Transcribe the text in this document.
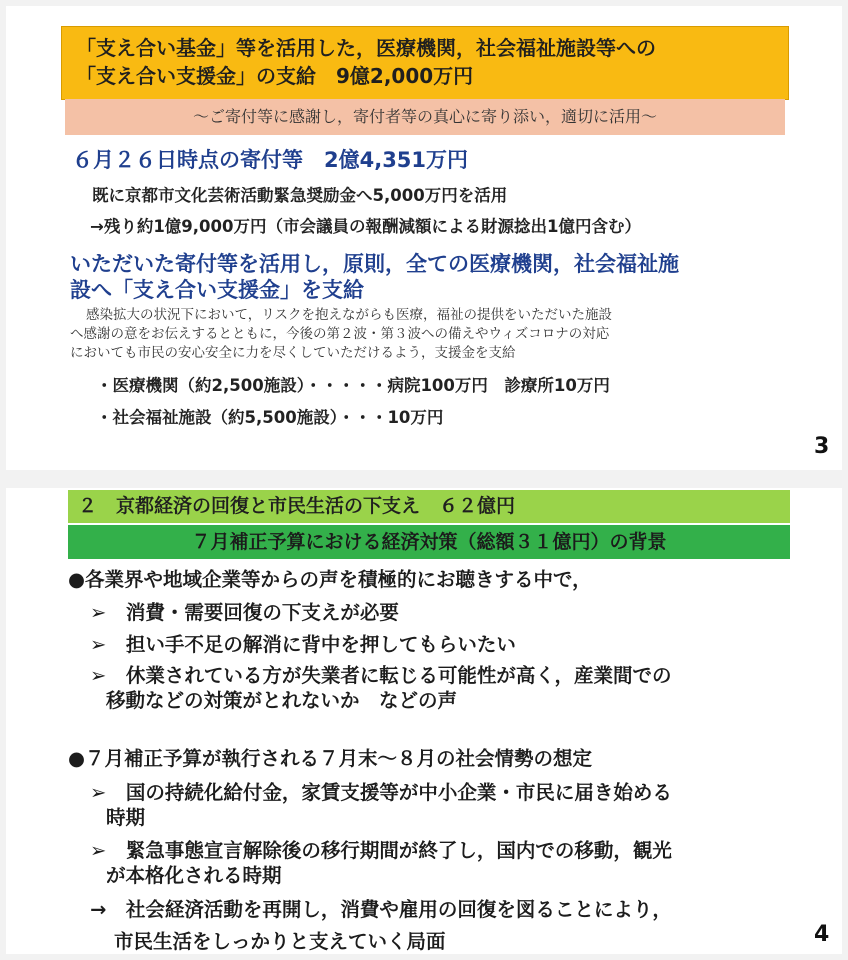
「支え合い基金」等を活用した，医療機関，社会福祉施設等への
「支え合い支援金」の支給　9億2,000万円
～ご寄付等に感謝し，寄付者等の真心に寄り添い，適切に活用～
６月２６日時点の寄付等　2億4,351万円
既に京都市文化芸術活動緊急奨励金へ5,000万円を活用
→残り約1億9,000万円（市会議員の報酬減額による財源捻出1億円含む）
いただいた寄付等を活用し，原則，全ての医療機関，社会福祉施
設へ「支え合い支援金」を支給
感染拡大の状況下において，リスクを抱えながらも医療，福祉の提供をいただいた施設
へ感謝の意をお伝えするとともに，今後の第２波・第３波への備えやウィズコロナの対応
においても市民の安心安全に力を尽くしていただけるよう，支援金を支給
・医療機関（約2,500施設）・・・・・病院100万円　診療所10万円
・社会福祉施設（約5,500施設）・・・10万円
3
２　京都経済の回復と市民生活の下支え　６２億円
７月補正予算における経済対策（総額３１億円）の背景
●各業界や地域企業等からの声を積極的にお聴きする中で，
➢　消費・需要回復の下支えが必要
➢　担い手不足の解消に背中を押してもらいたい
➢　休業されている方が失業者に転じる可能性が高く，産業間での
移動などの対策がとれないか　などの声
●７月補正予算が執行される７月末～８月の社会情勢の想定
➢　国の持続化給付金，家賃支援等が中小企業・市民に届き始める
時期
➢　緊急事態宣言解除後の移行期間が終了し，国内での移動，観光
が本格化される時期
→　社会経済活動を再開し，消費や雇用の回復を図ることにより，
市民生活をしっかりと支えていく局面	4
